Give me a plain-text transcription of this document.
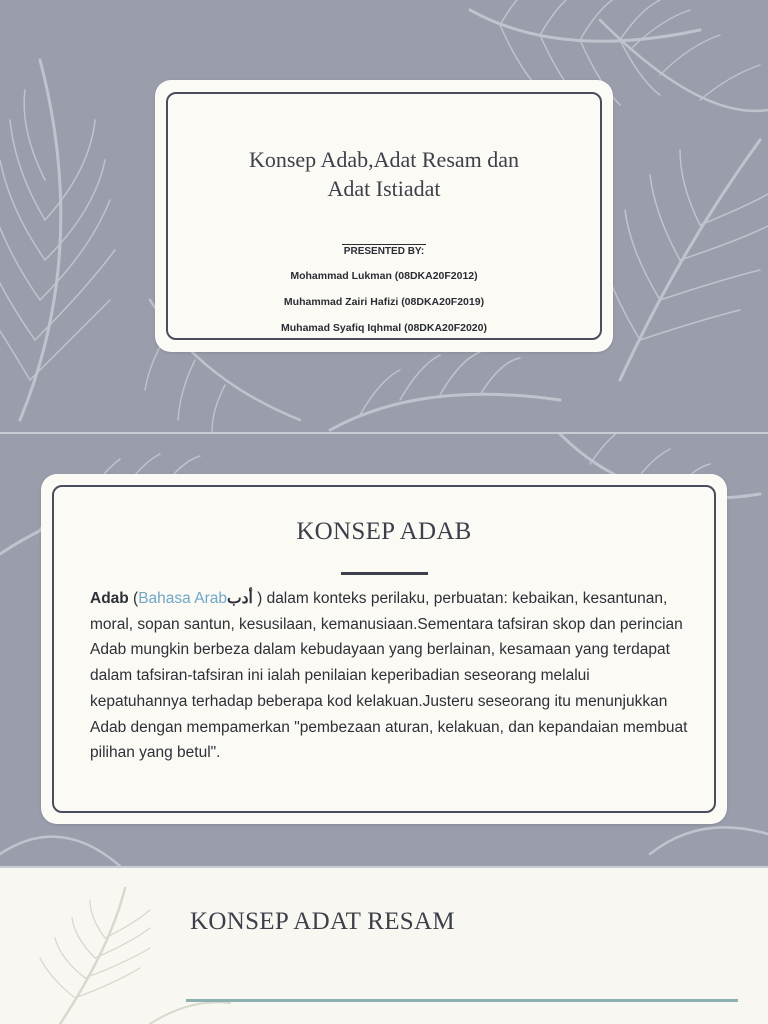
Konsep Adab,Adat Resam dan
Adat Istiadat
PRESENTED BY:
Mohammad Lukman (08DKA20F2012)
Muhammad Zairi Hafizi (08DKA20F2019)
Muhamad Syafiq Iqhmal (08DKA20F2020)
KONSEP ADAB
Adab (Bahasa Arabأدب ) dalam konteks perilaku, perbuatan: kebaikan, kesantunan, moral, sopan santun, kesusilaan, kemanusiaan.Sementara tafsiran skop dan perincian Adab mungkin berbeza dalam kebudayaan yang berlainan, kesamaan yang terdapat dalam tafsiran-tafsiran ini ialah penilaian keperibadian seseorang melalui kepatuhannya terhadap beberapa kod kelakuan.Justeru seseorang itu menunjukkan Adab dengan mempamerkan "pembezaan aturan, kelakuan, dan kepandaian membuat pilihan yang betul".
KONSEP ADAT RESAM
